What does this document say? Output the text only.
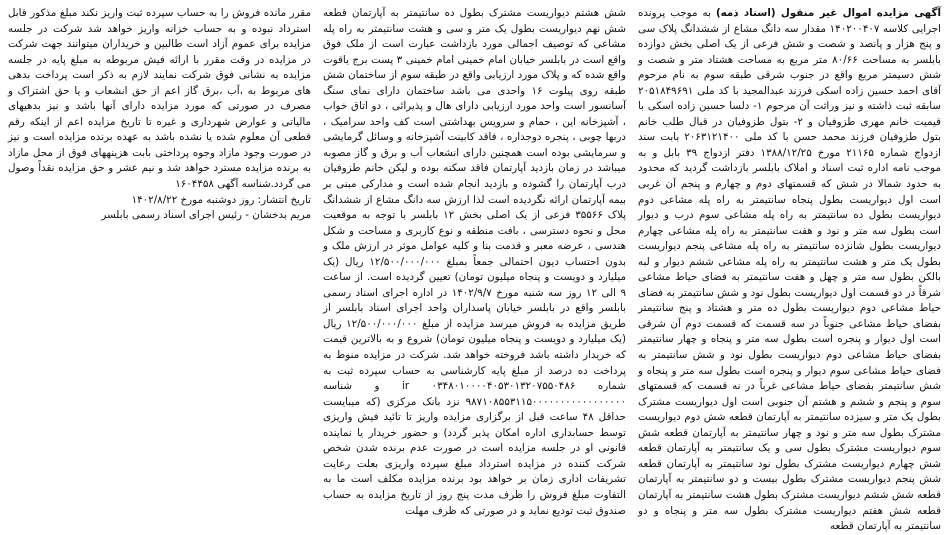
آگهی مزایده اموال غیر منقول (اسناد ذمه) به موجب پرونده اجرایی کلاسه ۱۴۰۲۰۰۴۰۷ مقدار سه دانگ مشاع از ششدانگ پلاک سی و پنج هزار و پانصد و شصت و شش فرعی از یک اصلی بخش دوازده بابلسر به مساحت ۸۰/۶۶ متر مربع به مساحت هشتاد متر و شصت و شش دسیمتر مربع واقع در جنوب شرقی طبقه سوم به نام مرحوم آقای احمد حسین زاده اسکی فرزند عبدالمجید با کد ملی ۲۰۵۱۸۴۹۶۹۱ سابقه ثبت ذاشته و نیز وراثت آن مرحوم ۱- دلسا حسین زاده اسکی با قیمیت خانم مهری طزوفیان و ۲- بتول طزوفیان در قبال طلب خانم بتول طزوفیان فرزند محمد حسن با کد ملی ۲۰۶۳۱۲۱۴۰۰ بابت سند ازدواج شماره ۲۱۱۶۵ مورخ ۱۳۸۸/۱۲/۲۵ دفتر ازدواج ۳۹ بابل و به موجب نامه اداره ثبت اسناد و املاک بابلسر بازداشت گردید که محدود به حدود شمالا در شش که قسمتهای دوم و چهارم و پنجم آن غربی است اول دیواریست بطول پنجاه سانتیمتر به راه پله مشاعی دوم دیواریست بطول ده سانتیمتر به راه پله مشاعی سوم درب و دیوار است بطول سه متر و نود و هفت سانتیمتر به راه پله مشاعی چهارم دیواریست بطول شانزده سانتیمتر به راه پله مشاعی پنجم دیواریست بطول یک متر و هشت سانتیمتر به راه پله مشاعی ششم دیوار و لبه بالکن بطول سه متر و چهل و هفت سانتیمتر به فضای حیاط مشاعی شرقاً در دو قسمت اول دیواریست بطول نود و شش سانتیمتر به فضای حیاط مشاعی دوم دیواریست بطول ده متر و هشتاد و پنج سانتیمتر بفضای حیاط مشاعی جنوباً در سه قسمت که قسمت دوم آن شرقی است اول دیوار و پنجره است بطول سه متر و پنجاه و چهار سانتیمتر بفضای حیاط مشاعی دوم دیواریست بطول نود و شش سانتیمتر به فضای حیاط مشاعی سوم دیوار و پنجره است بطول سه متر و پنجاه و شش سانتیمتر بفضای حیاط مشاعی غرباً در نه قسمت که قسمتهای سوم و پنجم و ششم و هشتم آن جنوبی است اول دیواریست مشترک بطول یک متر و سیزده سانتیمتر به آپارتمان قطعه شش دوم دیواریست مشترک بطول سه متر و نود و چهار سانتیمتر به آپارتمان قطعه شش سوم دیواریست مشترک بطول سی و یک سانتیمتر به آپارتمان قطعه شش چهارم دیواریست مشترک بطول نود سانتیمتر به آپارتمان قطعه شش پنجم دیواریست مشترک بطول بیست و دو سانتیمتر به آپارتمان قطعه شش ششم دیواریست مشترک بطول هشت سانتیمتر به آپارتمان قطعه شش هفتم دیواریست مشترک بطول سه متر و پنجاه و دو سانتیمتر به آپارتمان قطعه

شش هشتم دیواریست مشترک بطول ده سانتیمتر به آپارتمان قطعه شش نهم دیواریست بطول یک متر و سی و هشت سانتیمتر به راه پله مشاعی که توصیف اجمالی مورد بازداشت عبارت است از ملک فوق واقع است در بابلسر خیابان امام خمینی امام خمینی ۳ پست برج یاقوت واقع شده که و پلاک مورد ارزیابی واقع در طبقه سوم از ساختمان شش طبقه روی پیلوت ۱۶ واحدی می باشد ساختمان دارای نمای سنگ آسانسور است واحد مورد ارزیابی دارای هال و پذیرائی ، دو اتاق خواب ، آشپزخانه این ، حمام و سرویس بهداشتی است کف واحد سرامیک ، دربها چوبی ، پنجره دوجداره ، فاقد کابینت آشپزخانه و وسائل گرمایشی و سرمایشی بوده است همچنین دارای انشعاب آب و برق و گاز مصوبه میباشد در زمان بازدید آپارتمان فاقد سکنه بوده و لیکن خانم طزوفیان درب آپارتمان را گشوده و بازدید انجام شده است و مدارکی مبنی بر بیمه آپارتمان ارائه نگردیده است لذا ارزش سه دانگ مشاع از ششدانگ پلاک ۳۵۵۶۶ فرعی از یک اصلی بخش ۱۲ بابلسر با توجه به موقعیت محل و نحوه دسترسی ، بافت منطقه و نوع کاربری و مساحت و شکل هندسی ، عرضه معبر و قدمت بنا و کلیه عوامل موثر در ارزش ملک و بدون احتساب دیون احتمالی جمعاً بمبلغ ۱۲/۵۰۰/۰۰۰/۰۰۰ ریال (یک میلیارد و دویست و پنجاه میلیون تومان) تعیین گردیده است. از ساعت ۹ الی ۱۲ روز سه شنبه مورخ ۱۴۰۲/۹/۷ در اداره اجرای اسناد رسمی بابلسر واقع در بابلسر خیابان پاسداران واحد اجرای اسناد بابلسر از طریق مزایده به فروش میرسد مزایده از مبلغ ۱۲/۵۰۰/۰۰۰/۰۰۰ ریال (یک میلیارد و دویست و پنجاه میلیون تومان) شروع و به بالاترین قیمت که خریدار داشته باشد فروخته خواهد شد. شرکت در مزایده منوط به پرداخت ده درصد از مبلغ پایه کارشناسی به حساب سپرده ثبت به شماره ۰۳۴۸۰۱۰۰۰۰۴۰۵۳۰۱۳۲۰۷۵۵۰۴۸۶ ir و شناسه ۹۸۷۱۰۸۵۵۳۱۱۵۰۰۰۰۰۰۰۰۰۰۰۰۰۰۰۰۰ نزد بانک مرکزی (که میبایست حداقل ۴۸ ساعت قبل از برگزاری مزایده واریز تا تائید فیش واریزی توسط حسابداری اداره امکان پذیر گردد) و حضور خریدار یا نماینده قانونی او در جلسه مزایده است در صورت عدم برنده شدن شخص شرکت کننده در مزایده استرداد مبلغ سپرده واریزی بعلت رعایت تشریفات اداری زمان بر خواهد بود برنده مزایده مکلف است ما به التفاوت مبلغ فروش را ظرف مدت پنج روز از تاریخ مزایده به حساب صندوق ثبت تودیع نماید و در صورتی که ظرف مهلت

مقرر مانده فروش را به حساب سپرده ثبت واریز نکند مبلغ مذکور قابل استرداد نبوده و به حساب خزانه واریز خواهد شد شرکت در جلسه مزایده برای عموم آزاد است طالبین و خریداران میتوانند جهت شرکت در مزایده در وقت مقرر با ارائه فیش مربوطه به مبلغ پایه در جلسه مزایده به نشانی فوق شرکت نمایند لازم به ذکر است پرداخت بدهی های مربوط به ،آب ،برق گاز اعم از حق انشعاب و یا حق اشتراک و مصرف در صورتی که مورد مزایده دارای آنها باشد و نیز بدهیهای مالیاتی و عوارض شهرداری و غیره تا تاریخ مزایده اعم از اینکه رقم قطعی آن معلوم شده یا نشده باشد به عهده برنده مزایده است و نیز در صورت وجود مازاد وجوه پرداختی بابت هزینههای فوق از محل مازاد به برنده مزایده مسترد خواهد شد و نیم عشر و حق مزایده نقداً وصول می گردد.شناسه آگهی ۱۶۰۴۴۵۸
تاریخ انتشار: روز دوشنبه مورخ ۱۴۰۲/۸/۲۲
مریم بدخشان - رئیس اجرای اسناد رسمی بابلسر
